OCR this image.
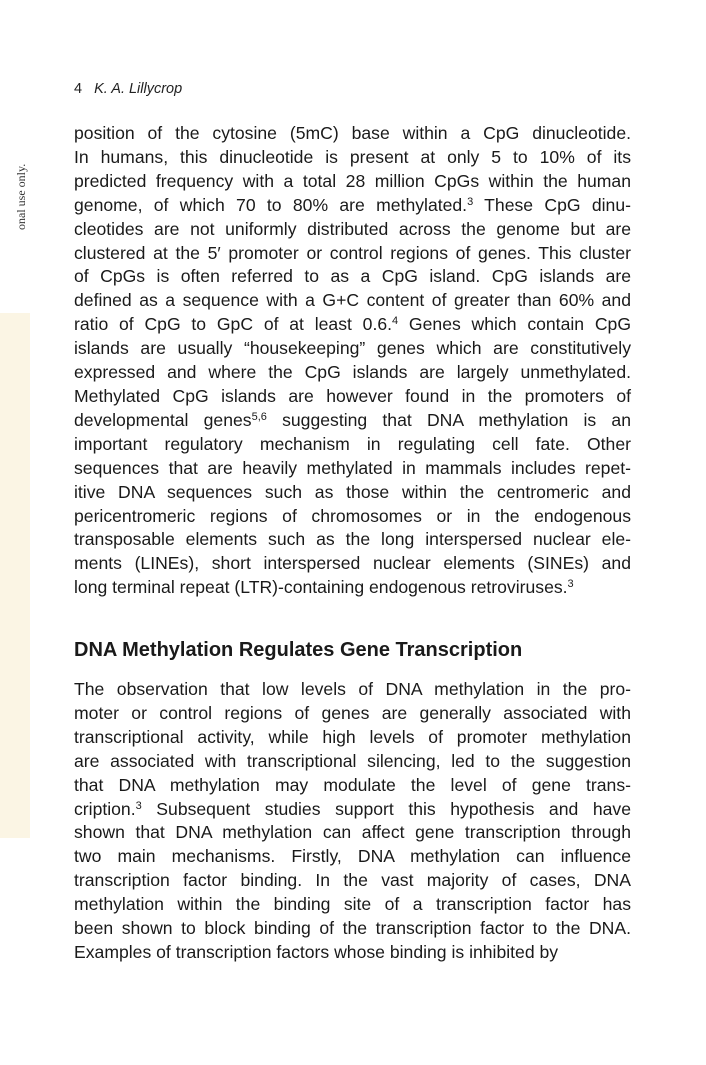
onal use only.
4 K. A. Lillycrop
position of the cytosine (5mC) base within a CpG dinucleotide.
In humans, this dinucleotide is present at only 5 to 10% of its
predicted frequency with a total 28 million CpGs within the human
genome, of which 70 to 80% are methylated.$^3$ These CpG dinu-
cleotides are not uniformly distributed across the genome but are
clustered at the 5′ promoter or control regions of genes. This cluster
of CpGs is often referred to as a CpG island. CpG islands are
defined as a sequence with a G+C content of greater than 60% and
ratio of CpG to GpC of at least 0.6.$^4$ Genes which contain CpG
islands are usually “housekeeping” genes which are constitutively
expressed and where the CpG islands are largely unmethylated.
Methylated CpG islands are however found in the promoters of
developmental genes$^{5,6}$ suggesting that DNA methylation is an
important regulatory mechanism in regulating cell fate. Other
sequences that are heavily methylated in mammals includes repet-
itive DNA sequences such as those within the centromeric and
pericentromeric regions of chromosomes or in the endogenous
transposable elements such as the long interspersed nuclear ele-
ments (LINEs), short interspersed nuclear elements (SINEs) and
long terminal repeat (LTR)-containing endogenous retroviruses.$^3$
DNA Methylation Regulates Gene Transcription
The observation that low levels of DNA methylation in the pro-
moter or control regions of genes are generally associated with
transcriptional activity, while high levels of promoter methylation
are associated with transcriptional silencing, led to the suggestion
that DNA methylation may modulate the level of gene trans-
cription.$^3$ Subsequent studies support this hypothesis and have
shown that DNA methylation can affect gene transcription through
two main mechanisms. Firstly, DNA methylation can influence
transcription factor binding. In the vast majority of cases, DNA
methylation within the binding site of a transcription factor has
been shown to block binding of the transcription factor to the DNA.
Examples of transcription factors whose binding is inhibited by
